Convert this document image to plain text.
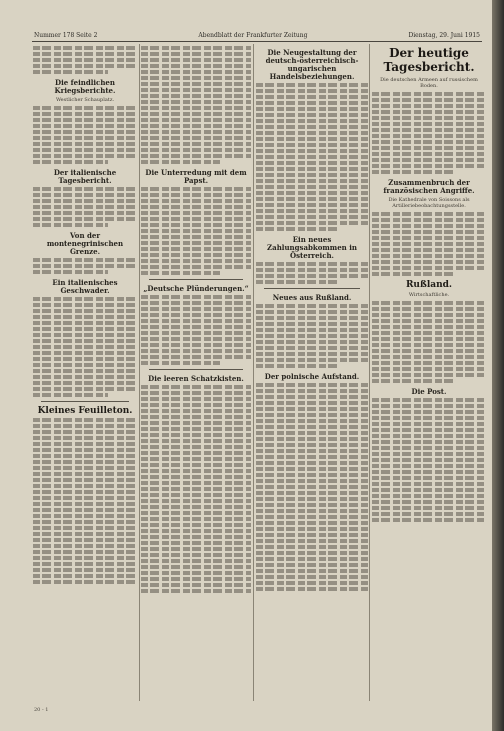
Nummer 178 Seite 2	Abendblatt der Frankfurter Zeitung	Dienstag, 29. Juni 1915
Die feindlichen Kriegsberichte.
Westlicher Schauplatz.
Der italienische Tagesbericht.
Von der montenegrinischen Grenze.
Ein italienisches Geschwader.
Kleines Feuilleton.
Die Unterredung mit dem Papst.
„Deutsche Plünderungen.“
Die leeren Schatzkisten.
Die Neugestaltung der deutsch-österreichisch-ungarischen Handelsbeziehungen.
Ein neues Zahlungsabkommen in Österreich.
Neues aus Rußland.
Der polnische Aufstand.
Der heutige Tagesbericht.
Die deutschen Armeen auf russischem Boden.
Zusammenbruch der französischen Angriffe.
Die Kathedrale von Soissons als Artilleriebeobachtungsstelle.
Rußland.
Wirtschaftliche.
Die Post.
20 - 1
